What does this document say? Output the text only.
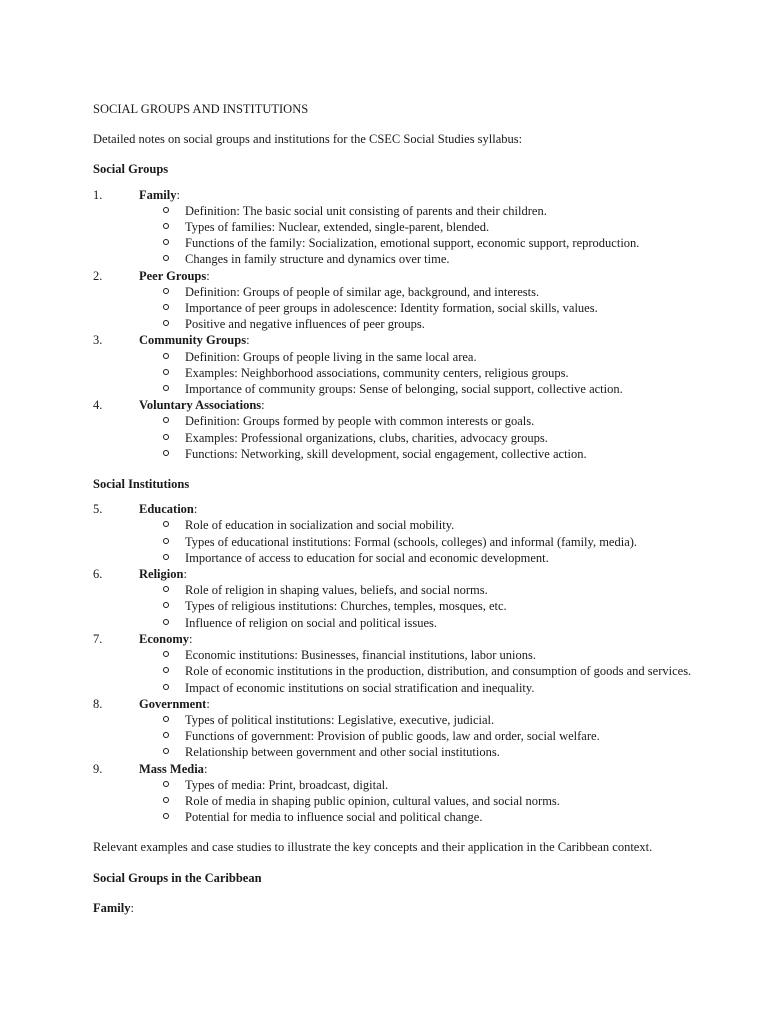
SOCIAL GROUPS AND INSTITUTIONS

Detailed notes on social groups and institutions for the CSEC Social Studies syllabus:

Social Groups

1.	Family:
Definition: The basic social unit consisting of parents and their children.
Types of families: Nuclear, extended, single-parent, blended.
Functions of the family: Socialization, emotional support, economic support, reproduction.
Changes in family structure and dynamics over time.
2.	Peer Groups:
Definition: Groups of people of similar age, background, and interests.
Importance of peer groups in adolescence: Identity formation, social skills, values.
Positive and negative influences of peer groups.
3.	Community Groups:
Definition: Groups of people living in the same local area.
Examples: Neighborhood associations, community centers, religious groups.
Importance of community groups: Sense of belonging, social support, collective action.
4.	Voluntary Associations:
Definition: Groups formed by people with common interests or goals.
Examples: Professional organizations, clubs, charities, advocacy groups.
Functions: Networking, skill development, social engagement, collective action.

Social Institutions

5.	Education:
Role of education in socialization and social mobility.
Types of educational institutions: Formal (schools, colleges) and informal (family, media).
Importance of access to education for social and economic development.
6.	Religion:
Role of religion in shaping values, beliefs, and social norms.
Types of religious institutions: Churches, temples, mosques, etc.
Influence of religion on social and political issues.
7.	Economy:
Economic institutions: Businesses, financial institutions, labor unions.
Role of economic institutions in the production, distribution, and consumption of goods and services.
Impact of economic institutions on social stratification and inequality.
8.	Government:
Types of political institutions: Legislative, executive, judicial.
Functions of government: Provision of public goods, law and order, social welfare.
Relationship between government and other social institutions.
9.	Mass Media:
Types of media: Print, broadcast, digital.
Role of media in shaping public opinion, cultural values, and social norms.
Potential for media to influence social and political change.

Relevant examples and case studies to illustrate the key concepts and their application in the Caribbean context.

Social Groups in the Caribbean

Family:
